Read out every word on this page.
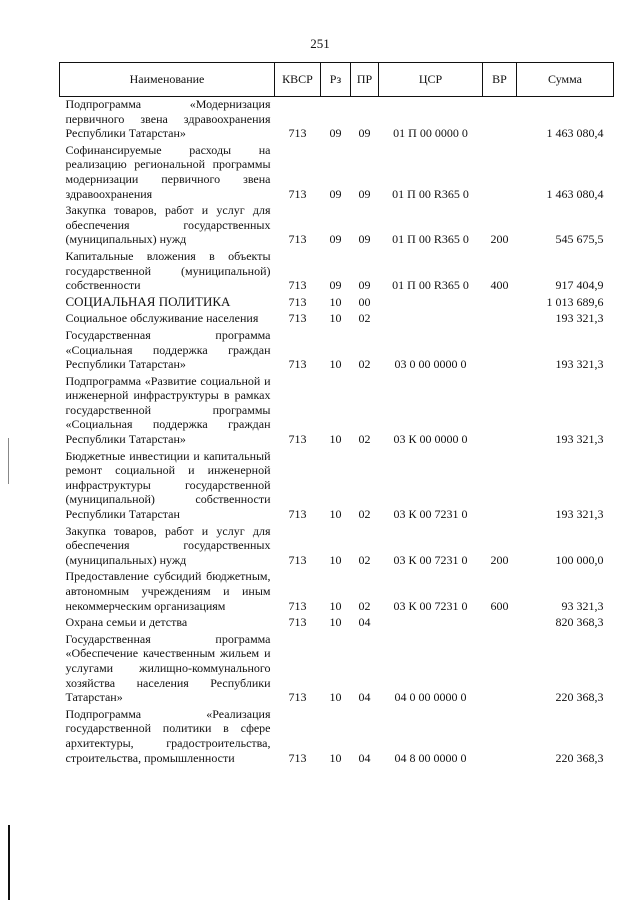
251
Наименование	КВСР	Рз	ПР	ЦСР	ВР	Сумма
Подпрограмма «Модернизация первичного звена здравоохранения Республики Татарстан»	713	09	09	01 П 00 0000 0		1 463 080,4
Софинансируемые расходы на реализацию региональной программы модернизации первичного звена здравоохранения	713	09	09	01 П 00 R365 0		1 463 080,4
Закупка товаров, работ и услуг для обеспечения государственных (муниципальных) нужд	713	09	09	01 П 00 R365 0	200	545 675,5
Капитальные вложения в объекты государственной (муниципальной) собственности	713	09	09	01 П 00 R365 0	400	917 404,9
СОЦИАЛЬНАЯ ПОЛИТИКА	713	10	00			1 013 689,6
Социальное обслуживание населения	713	10	02			193 321,3
Государственная программа «Социальная поддержка граждан Республики Татарстан»	713	10	02	03 0 00 0000 0		193 321,3
Подпрограмма «Развитие социальной и инженерной инфраструктуры в рамках государственной программы «Социальная поддержка граждан Республики Татарстан»	713	10	02	03 К 00 0000 0		193 321,3
Бюджетные инвестиции и капитальный ремонт социальной и инженерной инфраструктуры государственной (муниципальной) собственности Республики Татарстан	713	10	02	03 К 00 7231 0		193 321,3
Закупка товаров, работ и услуг для обеспечения государственных (муниципальных) нужд	713	10	02	03 К 00 7231 0	200	100 000,0
Предоставление субсидий бюджетным, автономным учреждениям и иным некоммерческим организациям	713	10	02	03 К 00 7231 0	600	93 321,3
Охрана семьи и детства	713	10	04			820 368,3
Государственная программа «Обеспечение качественным жильем и услугами жилищно-коммунального хозяйства населения Республики Татарстан»	713	10	04	04 0 00 0000 0		220 368,3
Подпрограмма «Реализация государственной политики в сфере архитектуры, градостроительства, строительства, промышленности	713	10	04	04 8 00 0000 0		220 368,3
